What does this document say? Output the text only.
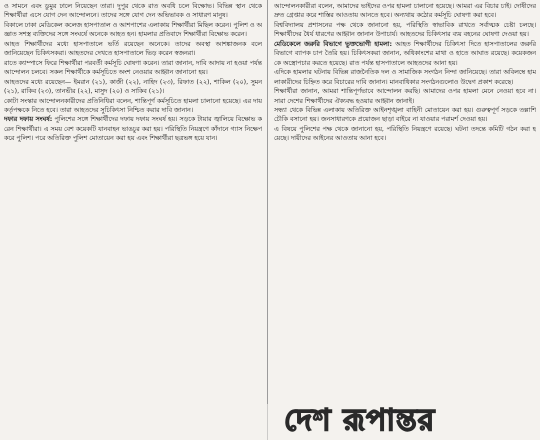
ও সামনে এবং ডুমুর ঢালে নিয়েছেন তারা। দুপুর থেকে রাত অবধি চলে বিক্ষোভ। বিভিন্ন স্থান থেকে শিক্ষার্থীরা এসে যোগ দেন আন্দোলনে। তাদের সঙ্গে যোগ দেন অভিভাবক ও সাধারণ মানুষ।

বিকালে ঢাকা মেডিকেল কলেজ হাসপাতাল ও আশপাশের এলাকায় শিক্ষার্থীরা মিছিল করেন। পুলিশ ও অজ্ঞাত সশস্ত্র ব্যক্তিদের সঙ্গে সংঘর্ষে অনেকে আহত হন। হামলার প্রতিবাদে শিক্ষার্থীরা বিক্ষোভ করেন।

আহত শিক্ষার্থীদের মধ্যে হাসপাতালে ভর্তি রয়েছেন অনেকে। তাদের অবস্থা আশঙ্কাজনক বলে জানিয়েছেন চিকিৎসকরা। আহতদের দেখতে হাসপাতালে ভিড় করেন স্বজনরা।

রাতে ক্যাম্পাসে ফিরে শিক্ষার্থীরা পরবর্তী কর্মসূচি ঘোষণা করেন। তারা জানান, দাবি আদায় না হওয়া পর্যন্ত আন্দোলন চলবে। সকল শিক্ষার্থীকে কর্মসূচিতে অংশ নেওয়ার আহ্বান জানানো হয়।

আহতদের মধ্যে রয়েছেন— ইমরান (২১), কাজী (২২), নাহিদ (২৩), রিফাত (২২), শাকিল (২০), সুমন (২১), রাকিব (২৩), তানভীর (২২), মাসুদ (২০) ও সাকিব (২১)।

কোটা সংস্কার আন্দোলনকারীদের প্রতিনিধিরা বলেন, শান্তিপূর্ণ কর্মসূচিতে হামলা চালানো হয়েছে। এর দায় কর্তৃপক্ষকে নিতে হবে। তারা আহতদের সুচিকিৎসা নিশ্চিত করার দাবি জানান।

দফার দফায় সংঘর্ষ: পুলিশের সঙ্গে শিক্ষার্থীদের দফায় দফায় সংঘর্ষ হয়। সড়কে টায়ার জ্বালিয়ে বিক্ষোভ করেন শিক্ষার্থীরা। এ সময় বেশ কয়েকটি যানবাহন ভাঙচুর করা হয়। পরিস্থিতি নিয়ন্ত্রণে কাঁদানে গ্যাস নিক্ষেপ করে পুলিশ। পরে অতিরিক্ত পুলিশ মোতায়েন করা হয় এবং শিক্ষার্থীরা ছত্রভঙ্গ হয়ে যান।

আন্দোলনকারীরা বলেন, আমাদের ভাইদের ওপর হামলা চালানো হয়েছে। আমরা এর বিচার চাই। দোষীদের দ্রুত গ্রেপ্তার করে শাস্তির আওতায় আনতে হবে। অন্যথায় কঠোর কর্মসূচি ঘোষণা করা হবে।

বিশ্ববিদ্যালয় প্রশাসনের পক্ষ থেকে জানানো হয়, পরিস্থিতি স্বাভাবিক রাখতে সর্বাত্মক চেষ্টা চলছে। শিক্ষার্থীদের ধৈর্য ধারণের আহ্বান জানান উপাচার্য। আহতদের চিকিৎসার ব্যয় বহনের ঘোষণা দেওয়া হয়।

মেডিকেলে জরুরি বিভাগে ভুক্তভোগী হামলা: আহত শিক্ষার্থীদের চিকিৎসা দিতে হাসপাতালের জরুরি বিভাগে ব্যাপক চাপ তৈরি হয়। চিকিৎসকরা জানান, অধিকাংশের মাথা ও হাতে আঘাত রয়েছে। কয়েকজনকে অস্ত্রোপচার করতে হয়েছে। রাত পর্যন্ত হাসপাতালে আহতদের আনা হয়।

এদিকে হামলার ঘটনায় বিভিন্ন রাজনৈতিক দল ও সামাজিক সংগঠন নিন্দা জানিয়েছে। তারা অবিলম্বে হামলাকারীদের চিহ্নিত করে বিচারের দাবি জানান। মানবাধিকার সংগঠনগুলোও উদ্বেগ প্রকাশ করেছে।

শিক্ষার্থীরা জানান, আমরা শান্তিপূর্ণভাবে আন্দোলন করছি। আমাদের ওপর হামলা মেনে নেওয়া হবে না। সারা দেশের শিক্ষার্থীদের ঐক্যবদ্ধ হওয়ার আহ্বান জানাই।

সন্ধ্যা থেকে বিভিন্ন এলাকায় অতিরিক্ত আইনশৃঙ্খলা বাহিনী মোতায়েন করা হয়। গুরুত্বপূর্ণ সড়কে তল্লাশি চৌকি বসানো হয়। জনসাধারণকে প্রয়োজন ছাড়া বাইরে না যাওয়ার পরামর্শ দেওয়া হয়।

এ বিষয়ে পুলিশের পক্ষ থেকে জানানো হয়, পরিস্থিতি নিয়ন্ত্রণে রয়েছে। ঘটনা তদন্তে কমিটি গঠন করা হয়েছে। দায়ীদের আইনের আওতায় আনা হবে।

দেশ রূপান্তর
